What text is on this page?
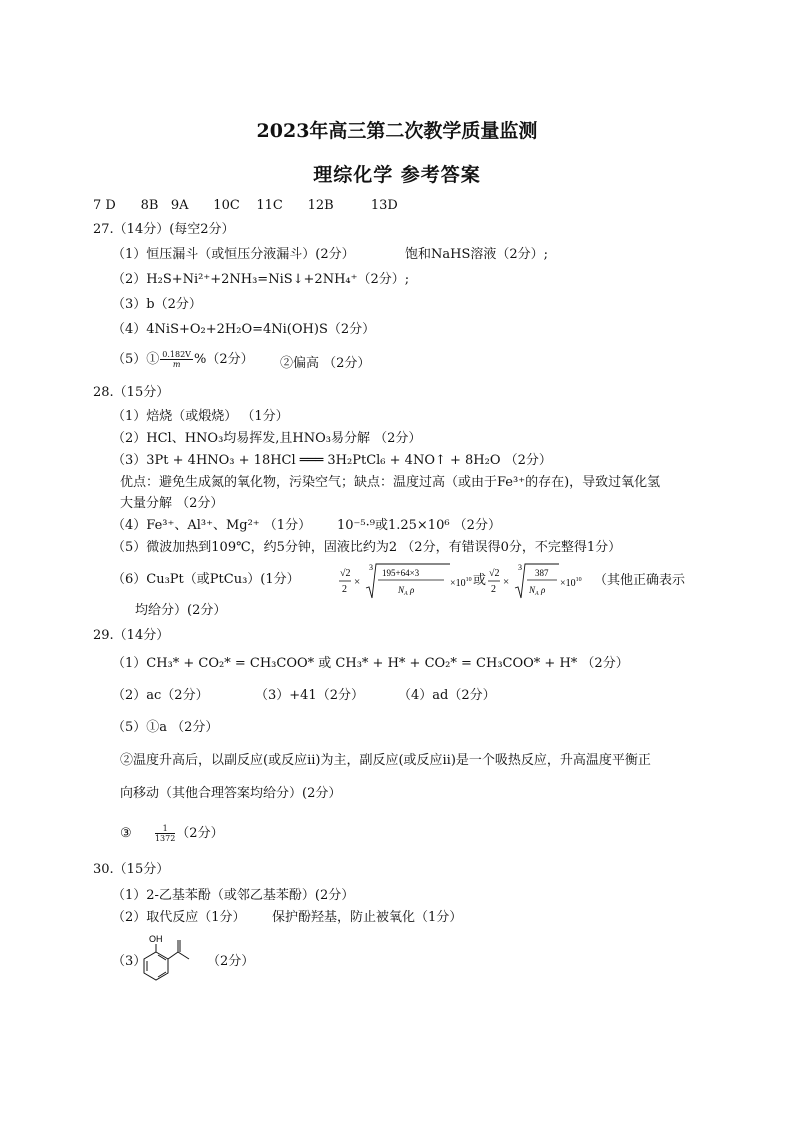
2023年高三第二次教学质量监测
理综化学 参考答案
7 D      8B   9A      10C    11C      12B         13D
27.（14分）(每空2分）
（1）恒压漏斗（或恒压分液漏斗）(2分）	饱和NaHS溶液（2分）;
（2）H₂S+Ni²⁺+2NH₃=NiS↓+2NH₄⁺（2分）;
（3）b（2分）
（4）4NiS+O₂+2H₂O=4Ni(OH)S（2分）
（5）① $\frac{0.182V}{m} \%(2$分） ②偏高 （2分）
28.（15分）
（1）焙烧（或煅烧） （1分）
（2）HCl、HNO₃均易挥发,且HNO₃易分解 （2分）
（3）3Pt + 4HNO₃ + 18HCl ═══ 3H₂PtCl₆ + 4NO↑ + 8H₂O （2分）
优点：避免生成氮的氧化物，污染空气；缺点：温度过高（或由于Fe³⁺的存在)，导致过氧化氢
大量分解 （2分）
（4）Fe³⁺、Al³⁺、Mg²⁺ （1分） 10⁻⁵·⁹或1.25×10⁶ （2分）
（5）微波加热到109℃，约5分钟，固液比约为2 （2分，有错误得0分，不完整得1分）
（6）Cu₃Pt（或PtCu₃）(1分）	√2
2
×
3
195+64×3
$N_A$ ρ
$\times 10^{10}$ 或 √2
2
×
3
387
$N_A$ ρ
$\times 10^{10}$ （其他正确表示
均给分）(2分）
29.（14分）
（1）CH₃* + CO₂* = CH₃COO* 或 CH₃* + H* + CO₂* = CH₃COO* + H* （2分）
（2）ac（2分）	（3）+41（2分）	（4）ad（2分）
（5）①a （2分）
②温度升高后，以副反应(或反应ⅱ)为主，副反应(或反应ⅱ)是一个吸热反应，升高温度平衡正
向移动（其他合理答案均给分）(2分）
③	$\frac{1}{1372} (2$分）
30.（15分）
（1）2-乙基苯酚（或邻乙基苯酚）(2分）
（2）取代反应（1分） 保护酚羟基，防止被氧化（1分）
（3）
OH
（2分）
